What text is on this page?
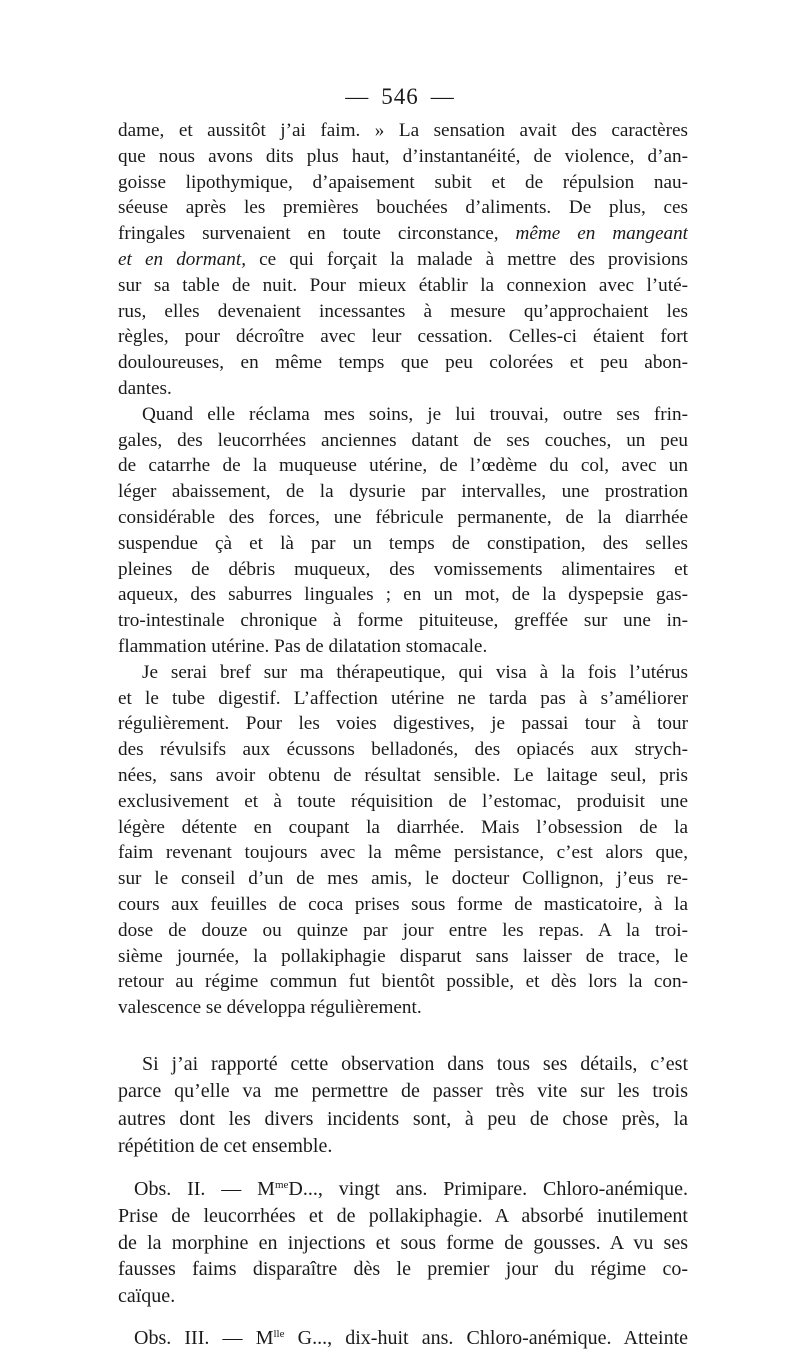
— 546 —
dame, et aussitôt j’ai faim. » La sensation avait des caractères
que nous avons dits plus haut, d’instantanéité, de violence, d’an-
goisse lipothymique, d’apaisement subit et de répulsion nau-
séeuse après les premières bouchées d’aliments. De plus, ces
fringales survenaient en toute circonstance, même en mangeant
et en dormant, ce qui forçait la malade à mettre des provisions
sur sa table de nuit. Pour mieux établir la connexion avec l’uté-
rus, elles devenaient incessantes à mesure qu’approchaient les
règles, pour décroître avec leur cessation. Celles-ci étaient fort
douloureuses, en même temps que peu colorées et peu abon-
dantes.
Quand elle réclama mes soins, je lui trouvai, outre ses frin-
gales, des leucorrhées anciennes datant de ses couches, un peu
de catarrhe de la muqueuse utérine, de l’œdème du col, avec un
léger abaissement, de la dysurie par intervalles, une prostration
considérable des forces, une fébricule permanente, de la diarrhée
suspendue çà et là par un temps de constipation, des selles
pleines de débris muqueux, des vomissements alimentaires et
aqueux, des saburres linguales ; en un mot, de la dyspepsie gas-
tro-intestinale chronique à forme pituiteuse, greffée sur une in-
flammation utérine. Pas de dilatation stomacale.
Je serai bref sur ma thérapeutique, qui visa à la fois l’utérus
et le tube digestif. L’affection utérine ne tarda pas à s’améliorer
régulièrement. Pour les voies digestives, je passai tour à tour
des révulsifs aux écussons belladonés, des opiacés aux strych-
nées, sans avoir obtenu de résultat sensible. Le laitage seul, pris
exclusivement et à toute réquisition de l’estomac, produisit une
légère détente en coupant la diarrhée. Mais l’obsession de la
faim revenant toujours avec la même persistance, c’est alors que,
sur le conseil d’un de mes amis, le docteur Collignon, j’eus re-
cours aux feuilles de coca prises sous forme de masticatoire, à la
dose de douze ou quinze par jour entre les repas. A la troi-
sième journée, la pollakiphagie disparut sans laisser de trace, le
retour au régime commun fut bientôt possible, et dès lors la con-
valescence se développa régulièrement.
Si j’ai rapporté cette observation dans tous ses détails, c’est
parce qu’elle va me permettre de passer très vite sur les trois
autres dont les divers incidents sont, à peu de chose près, la
répétition de cet ensemble.
Obs. II. — $M^{me}D$..., vingt ans. Primipare. Chloro-anémique.
Prise de leucorrhées et de pollakiphagie. A absorbé inutilement
de la morphine en injections et sous forme de gousses. A vu ses
fausses faims disparaître dès le premier jour du régime co-
caïque.
Obs. III. — $M^{lle}$ G..., dix-huit ans. Chloro-anémique. Atteinte
